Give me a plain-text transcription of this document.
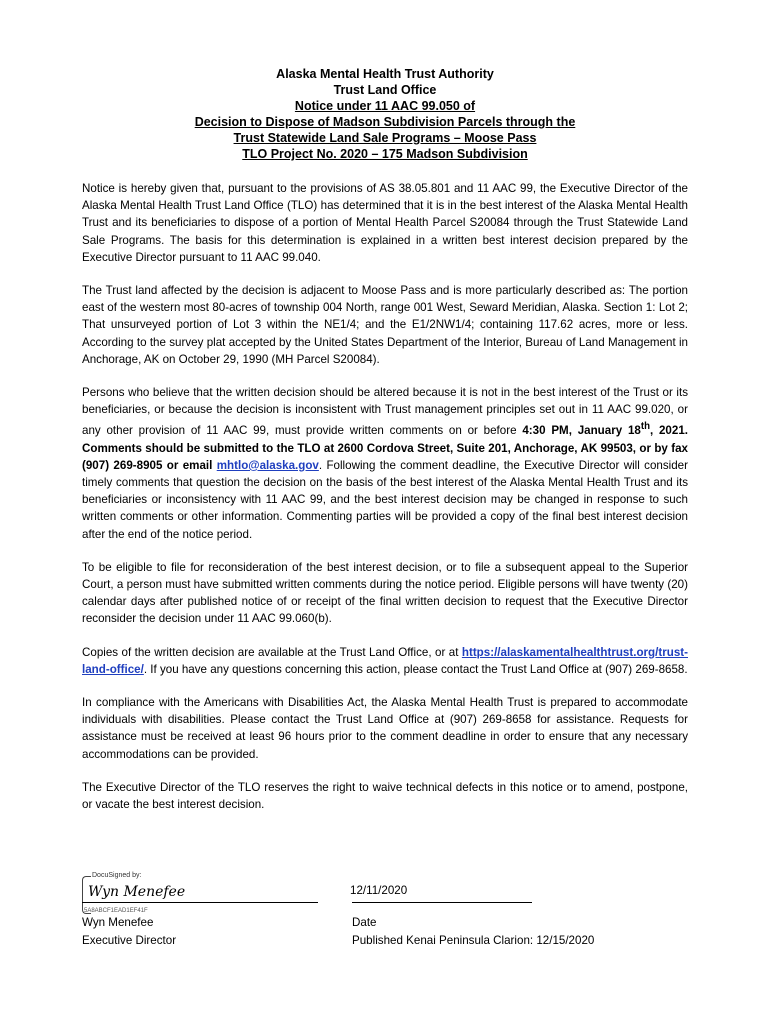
Alaska Mental Health Trust Authority
Trust Land Office
Notice under 11 AAC 99.050 of
Decision to Dispose of Madson Subdivision Parcels through the
Trust Statewide Land Sale Programs – Moose Pass
TLO Project No. 2020 – 175 Madson Subdivision

Notice is hereby given that, pursuant to the provisions of AS 38.05.801 and 11 AAC 99, the Executive Director of the Alaska Mental Health Trust Land Office (TLO) has determined that it is in the best interest of the Alaska Mental Health Trust and its beneficiaries to dispose of a portion of Mental Health Parcel S20084 through the Trust Statewide Land Sale Programs. The basis for this determination is explained in a written best interest decision prepared by the Executive Director pursuant to 11 AAC 99.040.

The Trust land affected by the decision is adjacent to Moose Pass and is more particularly described as: The portion east of the western most 80-acres of township 004 North, range 001 West, Seward Meridian, Alaska. Section 1: Lot 2; That unsurveyed portion of Lot 3 within the NE1/4; and the E1/2NW1/4; containing 117.62 acres, more or less. According to the survey plat accepted by the United States Department of the Interior, Bureau of Land Management in Anchorage, AK on October 29, 1990 (MH Parcel S20084).

Persons who believe that the written decision should be altered because it is not in the best interest of the Trust or its beneficiaries, or because the decision is inconsistent with Trust management principles set out in 11 AAC 99.020, or any other provision of 11 AAC 99, must provide written comments on or before 4:30 PM, January 18th, 2021. Comments should be submitted to the TLO at 2600 Cordova Street, Suite 201, Anchorage, AK 99503, or by fax (907) 269-8905 or email mhtlo@alaska.gov. Following the comment deadline, the Executive Director will consider timely comments that question the decision on the basis of the best interest of the Alaska Mental Health Trust and its beneficiaries or inconsistency with 11 AAC 99, and the best interest decision may be changed in response to such written comments or other information. Commenting parties will be provided a copy of the final best interest decision after the end of the notice period.

To be eligible to file for reconsideration of the best interest decision, or to file a subsequent appeal to the Superior Court, a person must have submitted written comments during the notice period. Eligible persons will have twenty (20) calendar days after published notice of or receipt of the final written decision to request that the Executive Director reconsider the decision under 11 AAC 99.060(b).

Copies of the written decision are available at the Trust Land Office, or at https://alaskamentalhealthtrust.org/trust-land-office/. If you have any questions concerning this action, please contact the Trust Land Office at (907) 269-8658.

In compliance with the Americans with Disabilities Act, the Alaska Mental Health Trust is prepared to accommodate individuals with disabilities. Please contact the Trust Land Office at (907) 269-8658 for assistance. Requests for assistance must be received at least 96 hours prior to the comment deadline in order to ensure that any necessary accommodations can be provided.

The Executive Director of the TLO reserves the right to waive technical defects in this notice or to amend, postpone, or vacate the best interest decision.

DocuSigned by:
Wyn Menefee
5A8ABCF1EAD1EF41F
Wyn Menefee
Executive Director
12/11/2020
Date
Published Kenai Peninsula Clarion: 12/15/2020
